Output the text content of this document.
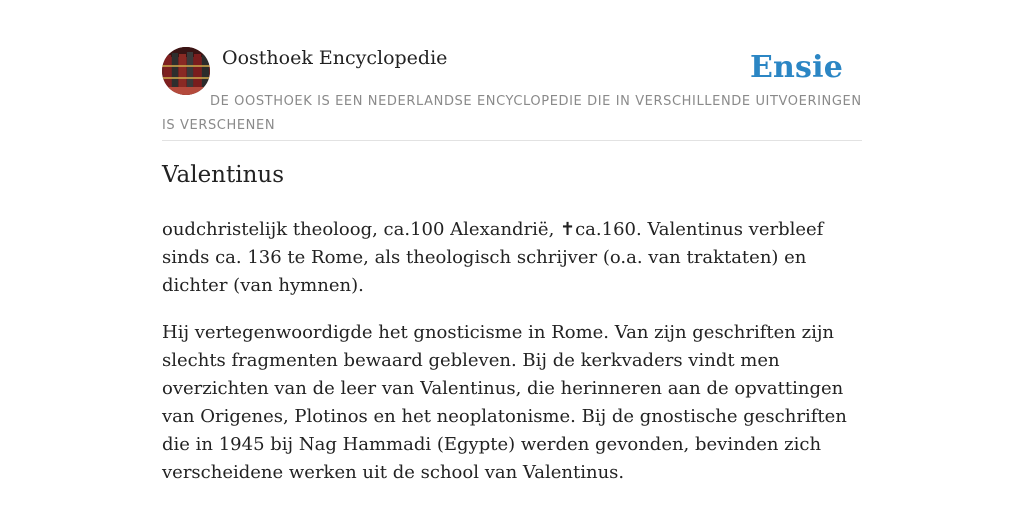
Oosthoek Encyclopedie	Ensie
DE OOSTHOEK IS EEN NEDERLANDSE ENCYCLOPEDIE DIE IN VERSCHILLENDE UITVOERINGEN IS VERSCHENEN
Valentinus

oudchristelijk theoloog, ca.100 Alexandrië, ✝ca.160. Valentinus verbleef sinds ca. 136 te Rome, als theologisch schrijver (o.a. van traktaten) en dichter (van hymnen).

Hij vertegenwoordigde het gnosticisme in Rome. Van zijn geschriften zijn slechts fragmenten bewaard gebleven. Bij de kerkvaders vindt men overzichten van de leer van Valentinus, die herinneren aan de opvattingen van Origenes, Plotinos en het neoplatonisme. Bij de gnostische geschriften die in 1945 bij Nag Hammadi (Egypte) werden gevonden, bevinden zich verscheidene werken uit de school van Valentinus.
